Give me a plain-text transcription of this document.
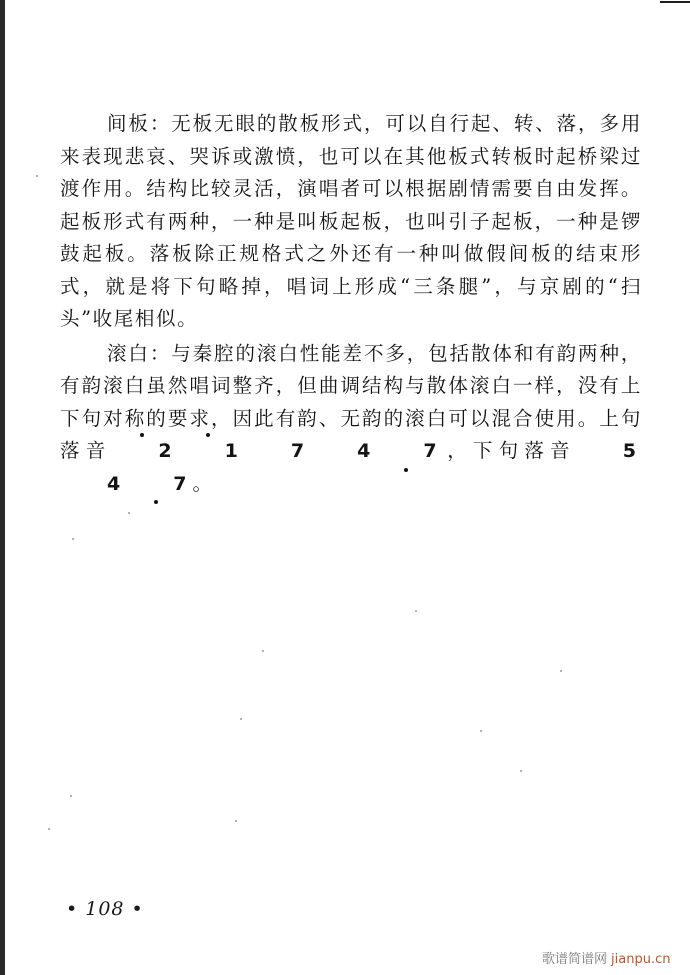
间板：无板无眼的散板形式，可以自行起、转、落，多用来表现悲哀、哭诉或激愤，也可以在其他板式转板时起桥梁过渡作用。结构比较灵活，演唱者可以根据剧情需要自由发挥。起板形式有两种，一种是叫板起板，也叫引子起板，一种是锣鼓起板。落板除正规格式之外还有一种叫做假间板的结束形式，就是将下句略掉，唱词上形成“三条腿”，与京剧的“扫头”收尾相似。

滚白：与秦腔的滚白性能差不多，包括散体和有韵两种，有韵滚白虽然唱词整齐，但曲调结构与散体滚白一样，没有上下句对称的要求，因此有韵、无韵的滚白可以混合使用。上句落音 2 1 7 4 7，下句落音 54 7。

• 108 •
歌谱简谱网 jianpu.cn
